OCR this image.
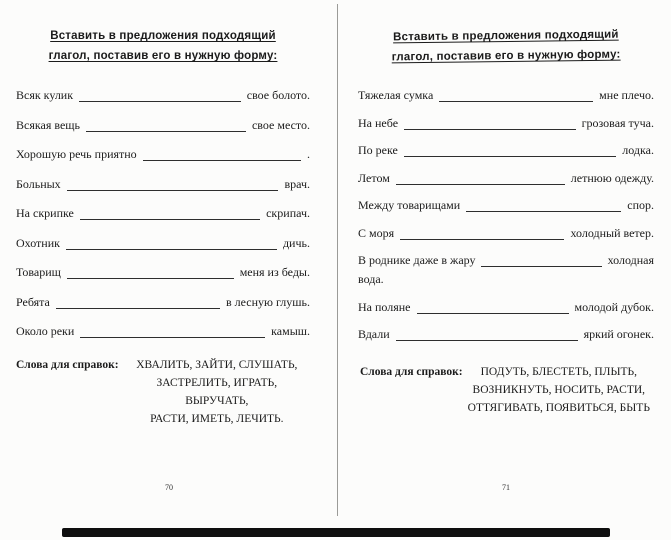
Вставить в предложения подходящий
глагол, поставив его в нужную форму:
Всяк кулик	свое болото.
Всякая вещь	свое место.
Хорошую речь приятно	.
Больных	врач.
На скрипке	скрипач.
Охотник	дичь.
Товарищ	меня из беды.
Ребята	в лесную глушь.
Около реки	камыш.
Слова для справок:	ХВАЛИТЬ, ЗАЙТИ, СЛУШАТЬ,
ЗАСТРЕЛИТЬ, ИГРАТЬ, ВЫРУЧАТЬ,
РАСТИ, ИМЕТЬ, ЛЕЧИТЬ.
70
Вставить в предложения подходящий
глагол, поставив его в нужную форму:
Тяжелая сумка	мне плечо.
На небе	грозовая туча.
По реке	лодка.
Летом	летнюю одежду.
Между товарищами	спор.
С моря	холодный ветер.
В роднике даже в жару	холодная
вода.
На поляне	молодой дубок.
Вдали	яркий огонек.
Слова для справок:	ПОДУТЬ, БЛЕСТЕТЬ, ПЛЫТЬ,
ВОЗНИКНУТЬ, НОСИТЬ, РАСТИ,
ОТТЯГИВАТЬ, ПОЯВИТЬСЯ, БЫТЬ
71
